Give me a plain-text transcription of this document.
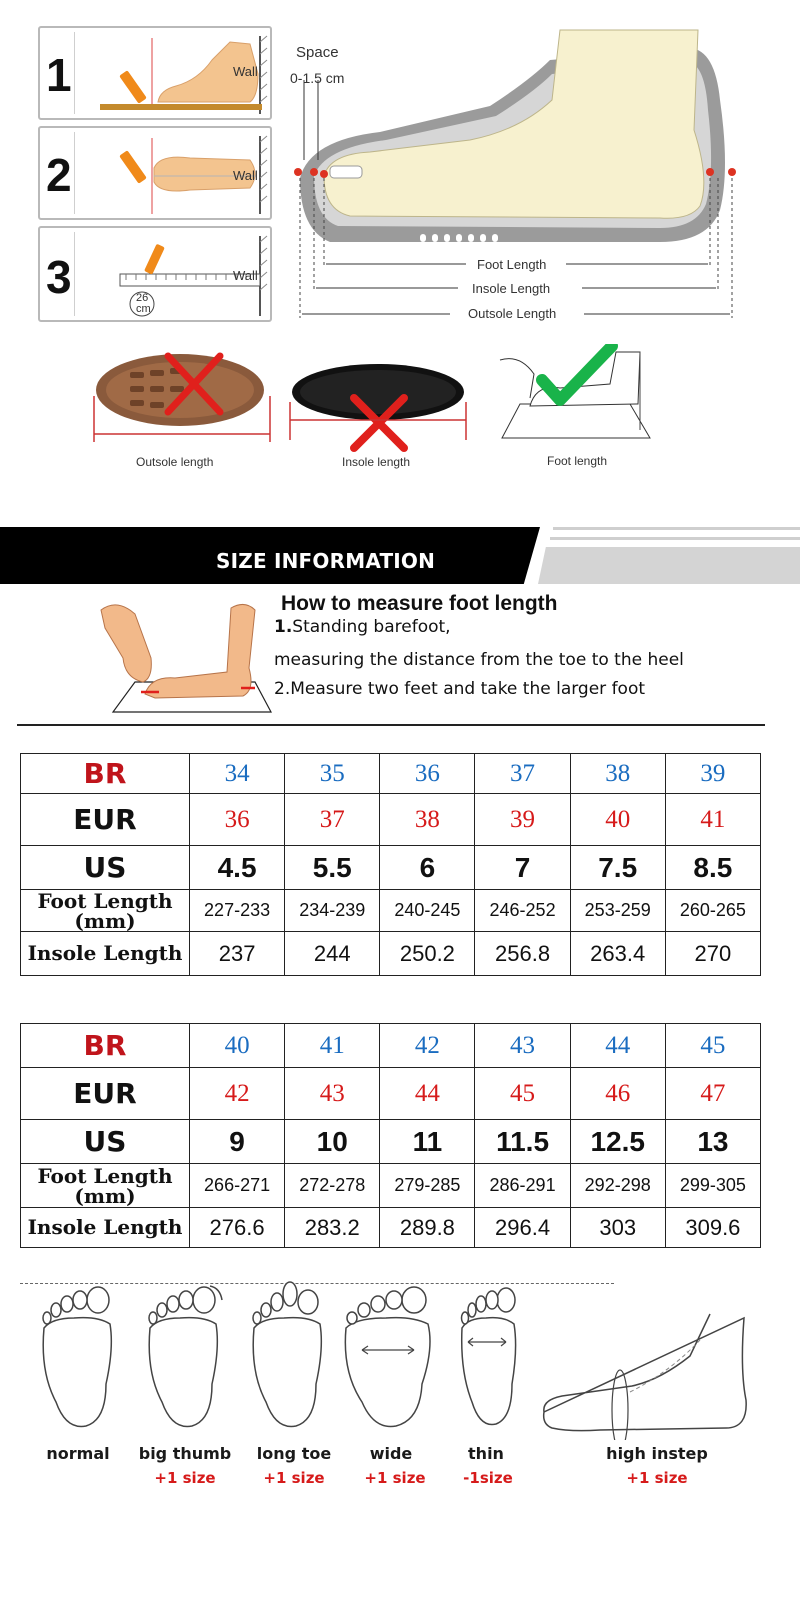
1	Wall
2	Wall
3	26
cm
Wall
Space
0-1.5 cm
Foot Length
Insole Length
Outsole Length
Outsole length	Insole length	Foot length
SIZE INFORMATION
How to measure foot length
1.Standing barefoot,
measuring the distance from the toe to the heel
2.Measure two feet and take the larger foot
BR	34	35	36	37	38	39
EUR	36	37	38	39	40	41
US	4.5	5.5	6	7	7.5	8.5

Foot Length
(mm)	227-233	234-239	240-245	246-252	253-259	260-265
Insole Length	237	244	250.2	256.8	263.4	270
BR	40	41	42	43	44	45
EUR	42	43	44	45	46	47
US	9	10	11	11.5	12.5	13

Foot Length
(mm)	266-271	272-278	279-285	286-291	292-298	299-305
Insole Length	276.6	283.2	289.8	296.4	303	309.6
normal	big thumb
+1 size
long toe
+1 size
wide
+1 size
thin
-1size
high instep
+1 size
